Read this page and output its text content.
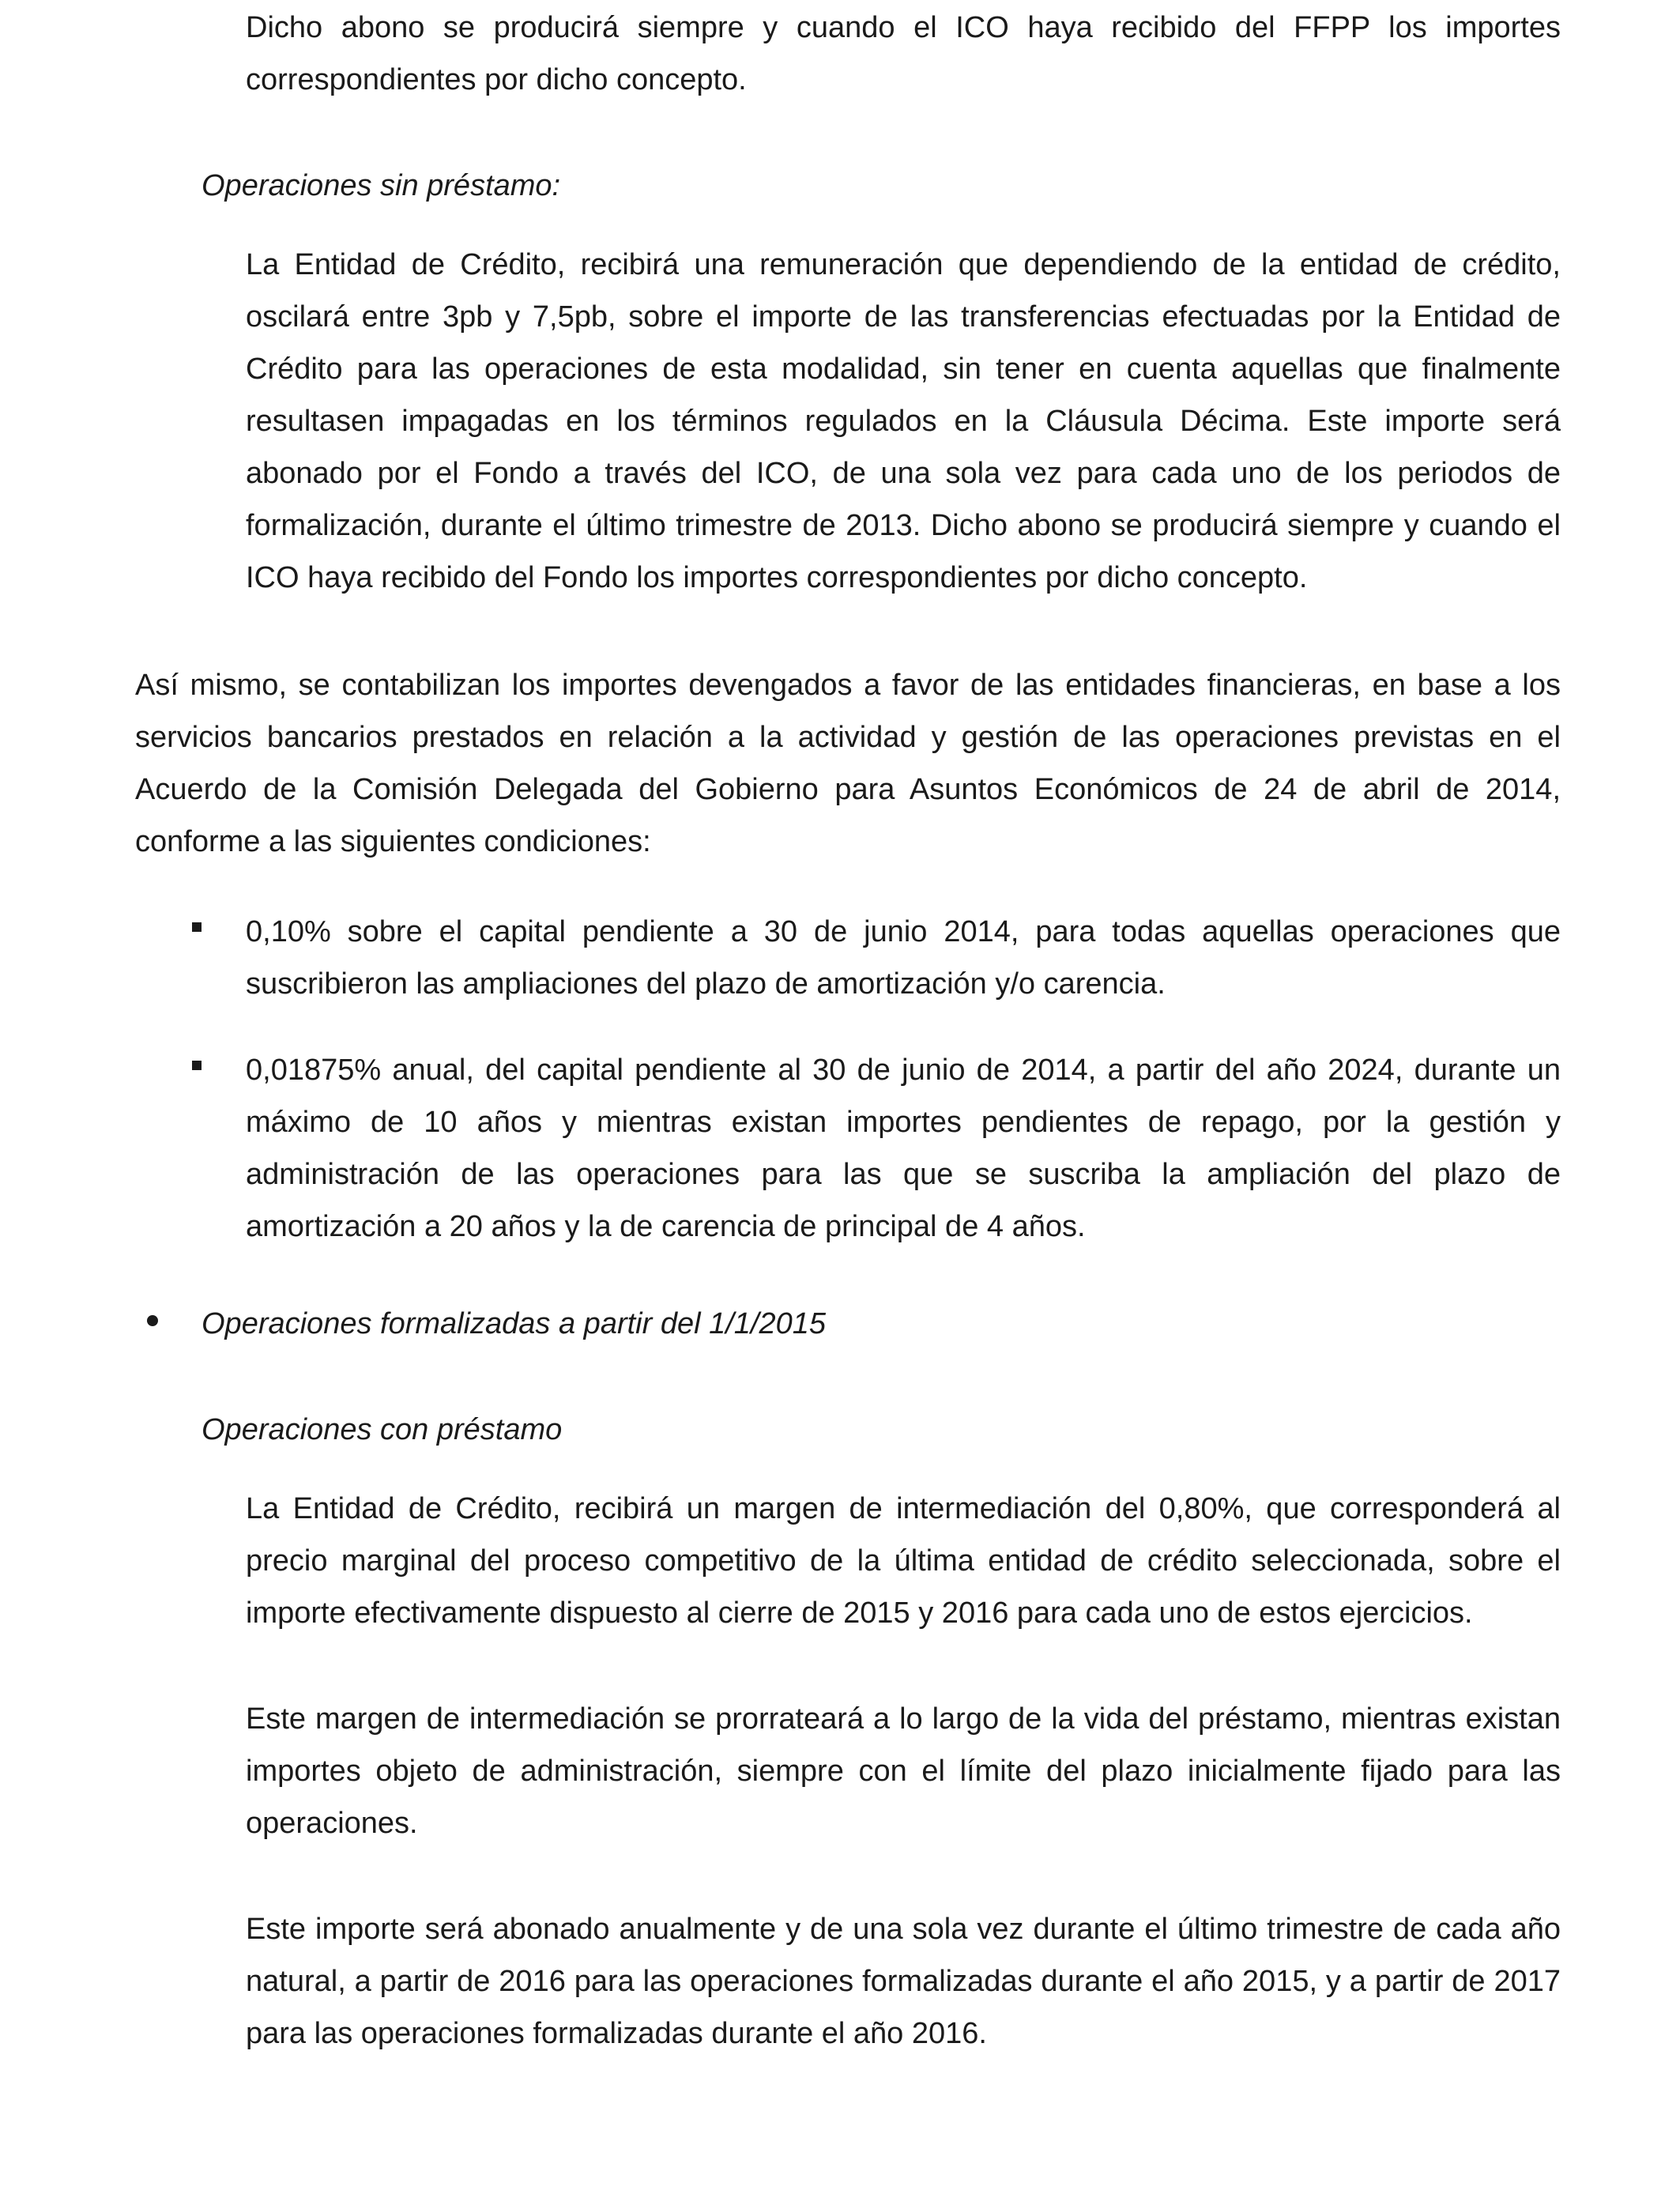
Dicho abono se producirá siempre y cuando el ICO haya recibido del FFPP los importes correspondientes por dicho concepto.

Operaciones sin préstamo:

La Entidad de Crédito, recibirá una remuneración que dependiendo de la entidad de crédito, oscilará entre 3pb y 7,5pb, sobre el importe de las transferencias efectuadas por la Entidad de Crédito para las operaciones de esta modalidad, sin tener en cuenta aquellas que finalmente resultasen impagadas en los términos regulados en la Cláusula Décima. Este importe será abonado por el Fondo a través del ICO, de una sola vez para cada uno de los periodos de formalización, durante el último trimestre de 2013. Dicho abono se producirá siempre y cuando el ICO haya recibido del Fondo los importes correspondientes por dicho concepto.

Así mismo, se contabilizan los importes devengados a favor de las entidades financieras, en base a los servicios bancarios prestados en relación a la actividad y gestión de las operaciones previstas en el Acuerdo de la Comisión Delegada del Gobierno para Asuntos Económicos de 24 de abril de 2014, conforme a las siguientes condiciones:

0,10% sobre el capital pendiente a 30 de junio 2014, para todas aquellas operaciones que suscribieron las ampliaciones del plazo de amortización y/o carencia.

0,01875% anual, del capital pendiente al 30 de junio de 2014, a partir del año 2024, durante un máximo de 10 años y mientras existan importes pendientes de repago, por la gestión y administración de las operaciones para las que se suscriba la ampliación del plazo de amortización a 20 años y la de carencia de principal de 4 años.

Operaciones formalizadas a partir del 1/1/2015

Operaciones con préstamo

La Entidad de Crédito, recibirá un margen de intermediación del 0,80%, que corresponderá al precio marginal del proceso competitivo de la última entidad de crédito seleccionada, sobre el importe efectivamente dispuesto al cierre de 2015 y 2016 para cada uno de estos ejercicios.

Este margen de intermediación se prorrateará a lo largo de la vida del préstamo, mientras existan importes objeto de administración, siempre con el límite del plazo inicialmente fijado para las operaciones.

Este importe será abonado anualmente y de una sola vez durante el último trimestre de cada año natural, a partir de 2016 para las operaciones formalizadas durante el año 2015, y a partir de 2017 para las operaciones formalizadas durante el año 2016.
